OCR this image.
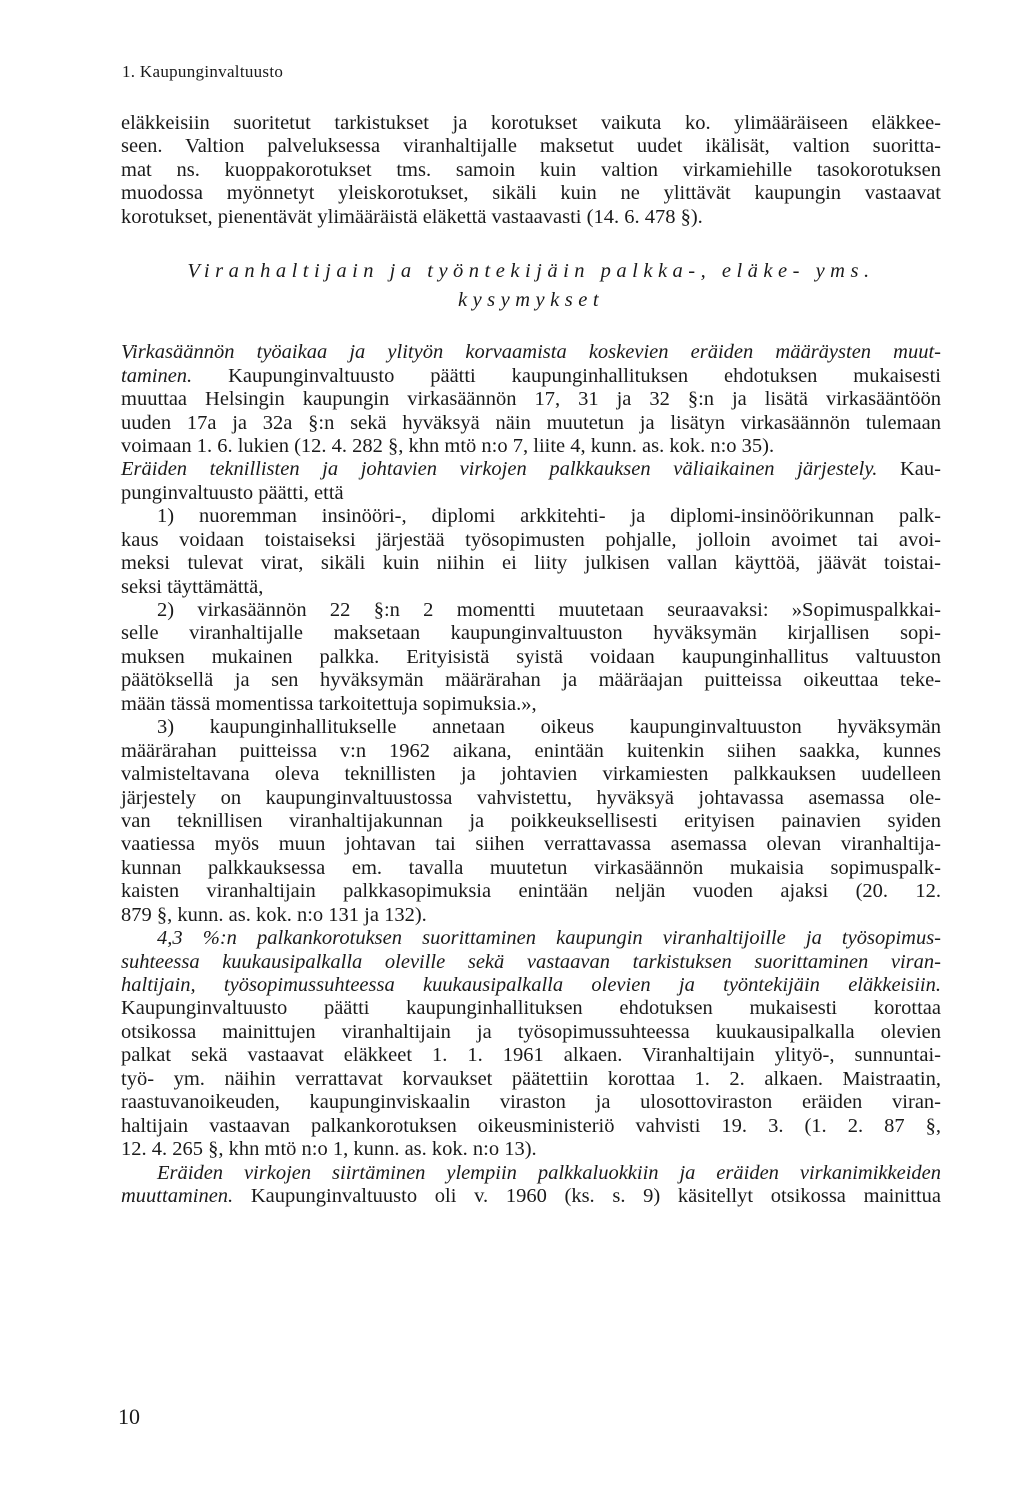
1. Kaupunginvaltuusto
eläkkeisiin suoritetut tarkistukset ja korotukset vaikuta ko. ylimääräiseen eläkkee-
seen. Valtion palveluksessa viranhaltijalle maksetut uudet ikälisät, valtion suoritta-
mat ns. kuoppakorotukset tms. samoin kuin valtion virkamiehille tasokorotuksen
muodossa myönnetyt yleiskorotukset, sikäli kuin ne ylittävät kaupungin vastaavat
korotukset, pienentävät ylimääräistä eläkettä vastaavasti (14. 6. 478 §).
Viranhaltijain ja työntekijäin palkka-, eläke- yms.
kysymykset
Virkasäännön työaikaa ja ylityön korvaamista koskevien eräiden määräysten muut-
taminen. Kaupunginvaltuusto päätti kaupunginhallituksen ehdotuksen mukaisesti
muuttaa Helsingin kaupungin virkasäännön 17, 31 ja 32 §:n ja lisätä virkasääntöön
uuden 17a ja 32a §:n sekä hyväksyä näin muutetun ja lisätyn virkasäännön tulemaan
voimaan 1. 6. lukien (12. 4. 282 §, khn mtö n:o 7, liite 4, kunn. as. kok. n:o 35).
Eräiden teknillisten ja johtavien virkojen palkkauksen väliaikainen järjestely. Kau-
punginvaltuusto päätti, että
1) nuoremman insinööri-, diplomi arkkitehti- ja diplomi-insinöörikunnan palk-
kaus voidaan toistaiseksi järjestää työsopimusten pohjalle, jolloin avoimet tai avoi-
meksi tulevat virat, sikäli kuin niihin ei liity julkisen vallan käyttöä, jäävät toistai-
seksi täyttämättä,
2) virkasäännön 22 §:n 2 momentti muutetaan seuraavaksi: »Sopimuspalkkai-
selle viranhaltijalle maksetaan kaupunginvaltuuston hyväksymän kirjallisen sopi-
muksen mukainen palkka. Erityisistä syistä voidaan kaupunginhallitus valtuuston
päätöksellä ja sen hyväksymän määrärahan ja määräajan puitteissa oikeuttaa teke-
mään tässä momentissa tarkoitettuja sopimuksia.»,
3) kaupunginhallitukselle annetaan oikeus kaupunginvaltuuston hyväksymän
määrärahan puitteissa v:n 1962 aikana, enintään kuitenkin siihen saakka, kunnes
valmisteltavana oleva teknillisten ja johtavien virkamiesten palkkauksen uudelleen
järjestely on kaupunginvaltuustossa vahvistettu, hyväksyä johtavassa asemassa ole-
van teknillisen viranhaltijakunnan ja poikkeuksellisesti erityisen painavien syiden
vaatiessa myös muun johtavan tai siihen verrattavassa asemassa olevan viranhaltija-
kunnan palkkauksessa em. tavalla muutetun virkasäännön mukaisia sopimuspalk-
kaisten viranhaltijain palkkasopimuksia enintään neljän vuoden ajaksi (20. 12.
879 §, kunn. as. kok. n:o 131 ja 132).
4,3 %:n palkankorotuksen suorittaminen kaupungin viranhaltijoille ja työsopimus-
suhteessa kuukausipalkalla oleville sekä vastaavan tarkistuksen suorittaminen viran-
haltijain, työsopimussuhteessa kuukausipalkalla olevien ja työntekijäin eläkkeisiin.
Kaupunginvaltuusto päätti kaupunginhallituksen ehdotuksen mukaisesti korottaa
otsikossa mainittujen viranhaltijain ja työsopimussuhteessa kuukausipalkalla olevien
palkat sekä vastaavat eläkkeet 1. 1. 1961 alkaen. Viranhaltijain ylityö-, sunnuntai-
työ- ym. näihin verrattavat korvaukset päätettiin korottaa 1. 2. alkaen. Maistraatin,
raastuvanoikeuden, kaupunginviskaalin viraston ja ulosottoviraston eräiden viran-
haltijain vastaavan palkankorotuksen oikeusministeriö vahvisti 19. 3. (1. 2. 87 §,
12. 4. 265 §, khn mtö n:o 1, kunn. as. kok. n:o 13).
Eräiden virkojen siirtäminen ylempiin palkkaluokkiin ja eräiden virkanimikkeiden
muuttaminen. Kaupunginvaltuusto oli v. 1960 (ks. s. 9) käsitellyt otsikossa mainittua
10
